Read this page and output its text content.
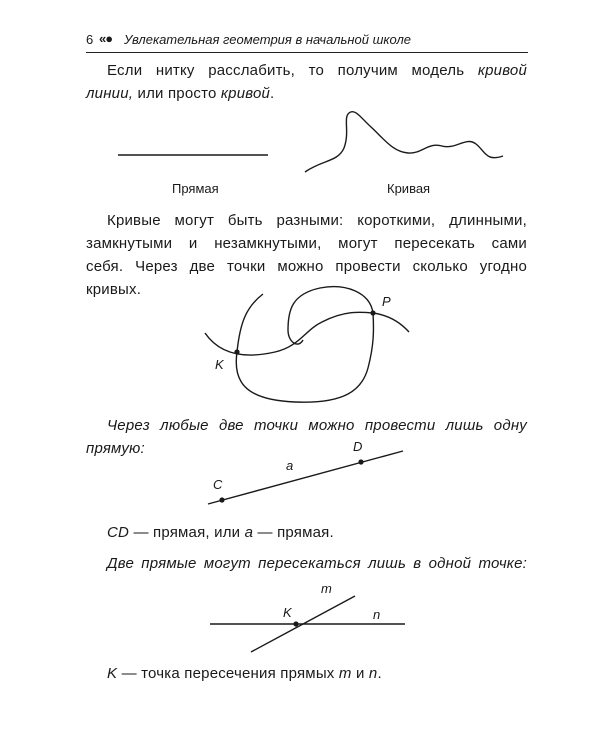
6 «● Увлекательная геометрия в начальной школе
Если нитку расслабить, то получим модель кривой
линии, или просто кривой.
Прямая	Кривая
Кривые могут быть разными: короткими, длинными,
замкнутыми и незамкнутыми, могут пересекать сами
себя. Через две точки можно провести сколько угодно
кривых.
P
K
Через любые две точки можно провести лишь одну
прямую:
C
D
a
CD — прямая, или a — прямая.
Две прямые могут пересекаться лишь в одной точке:
K
m
n
K — точка пересечения прямых m и n.
